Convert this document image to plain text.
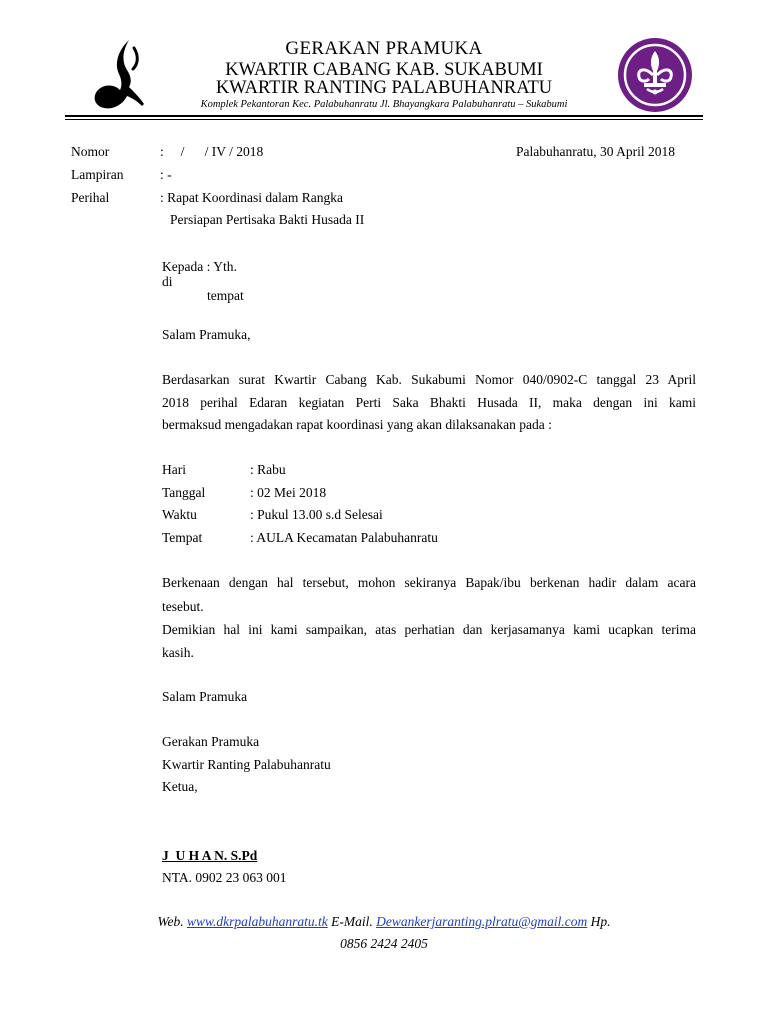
GERAKAN PRAMUKA
KWARTIR CABANG KAB. SUKABUMI
KWARTIR RANTING PALABUHANRATU
Komplek Pekantoran Kec. Palabuhanratu Jl. Bhayangkara Palabuhanratu – Sukabumi
Nomor	:     /      / IV / 2018	Palabuhanratu, 30 April 2018
Lampiran	: -
Perihal	: Rapat Koordinasi dalam Rangka
Persiapan Pertisaka Bakti Husada II
Kepada : Yth.
di
tempat
Salam Pramuka,
Berdasarkan surat Kwartir Cabang Kab. Sukabumi Nomor 040/0902-C tanggal 23 April
2018 perihal Edaran kegiatan Perti Saka Bhakti Husada II, maka dengan ini kami
bermaksud mengadakan rapat koordinasi yang akan dilaksanakan pada :
Hari	: Rabu
Tanggal	: 02 Mei 2018
Waktu	: Pukul 13.00 s.d Selesai
Tempat	: AULA Kecamatan Palabuhanratu
Berkenaan dengan hal tersebut, mohon sekiranya Bapak/ibu berkenan hadir dalam acara
tesebut.
Demikian hal ini kami sampaikan, atas perhatian dan kerjasamanya kami ucapkan terima
kasih.
Salam Pramuka
Gerakan Pramuka
Kwartir Ranting Palabuhanratu
Ketua,
J  U H A N. S.Pd
NTA. 0902 23 063 001
Web. www.dkrpalabuhanratu.tk E-Mail. Dewankerjaranting.plratu@gmail.com Hp.
0856 2424 2405
